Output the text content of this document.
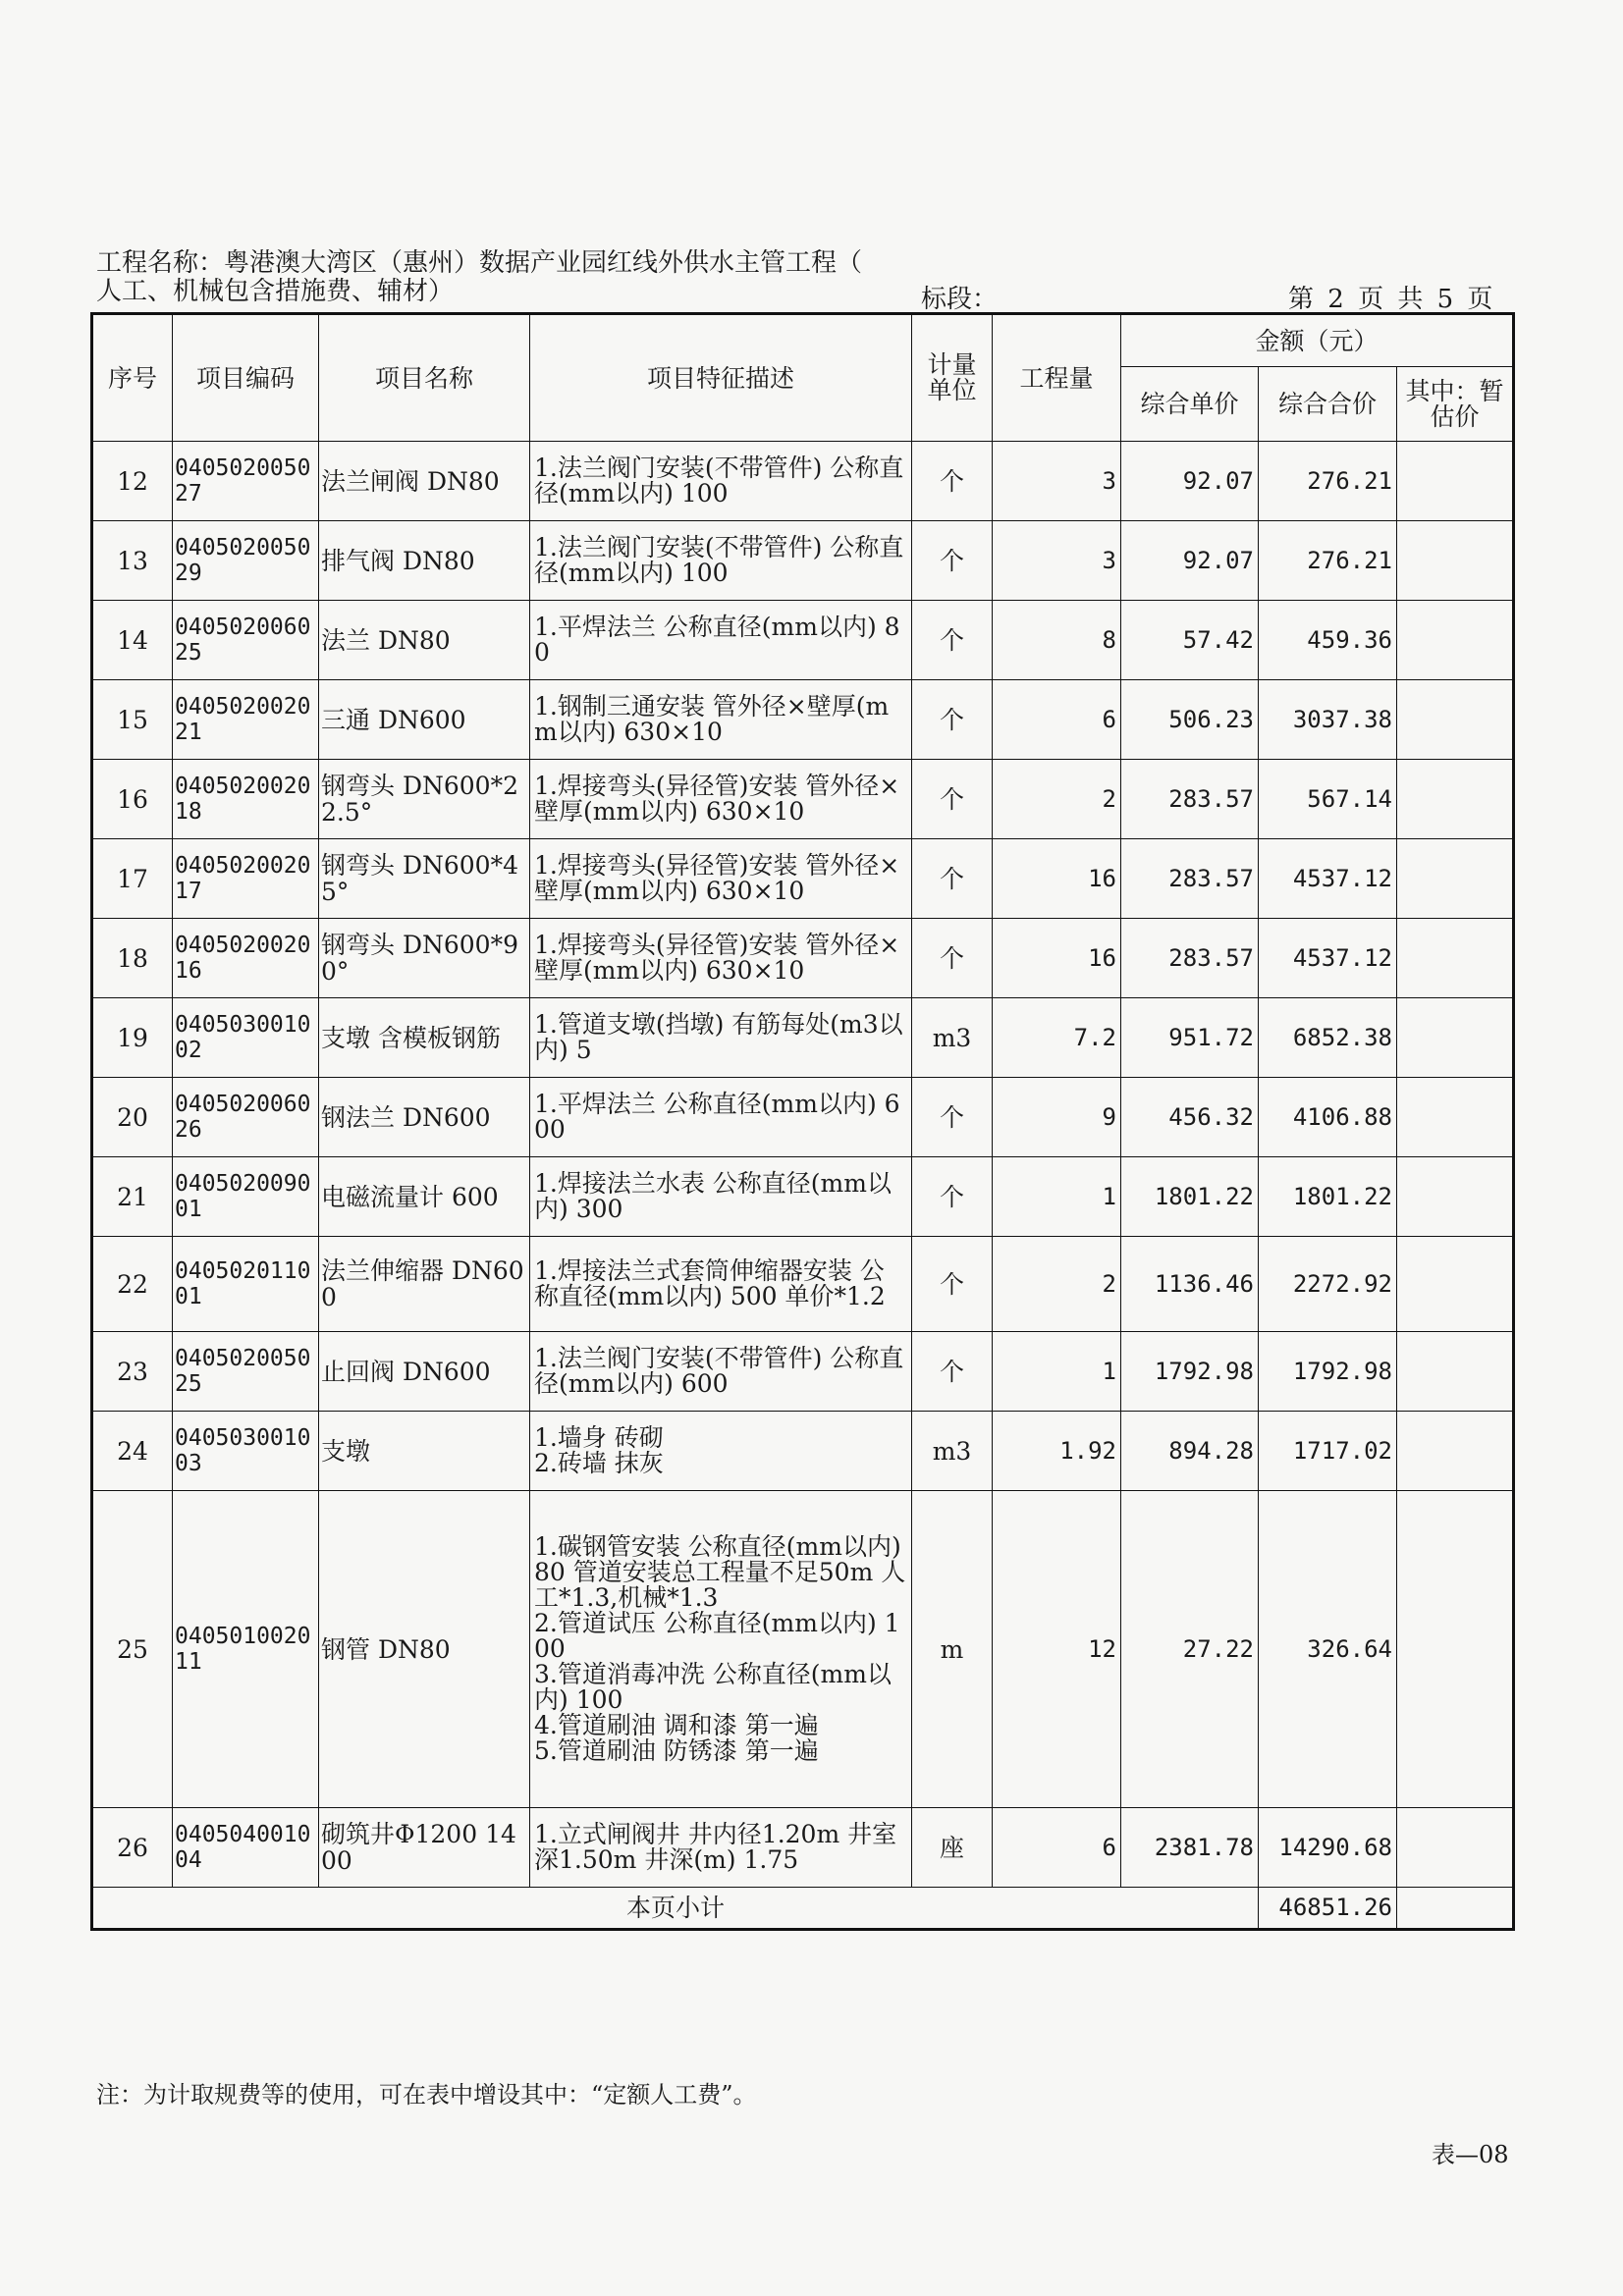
工程名称：粤港澳大湾区（惠州）数据产业园红线外供水主管工程（
人工、机械包含措施费、辅材）	标段：	第 2 页 共 5 页
序号	项目编码	项目名称	项目特征描述	计量单位	工程量	金额（元）		
						综合单价	综合合价	其中：暂估价
12	040502005027	法兰闸阀 DN80	1.法兰阀门安装(不带管件) 公称直径(mm以内) 100	个	3	92.07	276.21	
13	040502005029	排气阀 DN80	1.法兰阀门安装(不带管件) 公称直径(mm以内) 100	个	3	92.07	276.21	
14	040502006025	法兰 DN80	1.平焊法兰 公称直径(mm以内) 80	个	8	57.42	459.36	
15	040502002021	三通 DN600	1.钢制三通安装 管外径×壁厚(mm以内) 630×10	个	6	506.23	3037.38	
16	040502002018	钢弯头 DN600*22.5°	1.焊接弯头(异径管)安装 管外径×壁厚(mm以内) 630×10	个	2	283.57	567.14	
17	040502002017	钢弯头 DN600*45°	1.焊接弯头(异径管)安装 管外径×壁厚(mm以内) 630×10	个	16	283.57	4537.12	
18	040502002016	钢弯头 DN600*90°	1.焊接弯头(异径管)安装 管外径×壁厚(mm以内) 630×10	个	16	283.57	4537.12	
19	040503001002	支墩 含模板钢筋	1.管道支墩(挡墩) 有筋每处(m3以内) 5	m3	7.2	951.72	6852.38	
20	040502006026	钢法兰 DN600	1.平焊法兰 公称直径(mm以内) 600	个	9	456.32	4106.88	
21	040502009001	电磁流量计 600	1.焊接法兰水表 公称直径(mm以内) 300	个	1	1801.22	1801.22	
22	040502011001	法兰伸缩器 DN600	1.焊接法兰式套筒伸缩器安装 公称直径(mm以内) 500 单价*1.2	个	2	1136.46	2272.92	
23	040502005025	止回阀 DN600	1.法兰阀门安装(不带管件) 公称直径(mm以内) 600	个	1	1792.98	1792.98	
24	040503001003	支墩	1.墙身 砖砌
2.砖墙 抹灰	m3	1.92	894.28	1717.02	
25	040501002011	钢管 DN80	1.碳钢管安装 公称直径(mm以内) 80 管道安装总工程量不足50m 人工*1.3,机械*1.3
2.管道试压 公称直径(mm以内) 100
3.管道消毒冲洗 公称直径(mm以内) 100
4.管道刷油 调和漆 第一遍
5.管道刷油 防锈漆 第一遍	m	12	27.22	326.64	
26	040504001004	砌筑井Φ1200 1400	1.立式闸阀井 井内径1.20m 井室深1.50m 井深(m) 1.75	座	6	2381.78	14290.68	
本页小计							46851.26	
注：为计取规费等的使用，可在表中增设其中：“定额人工费”。
表—08
